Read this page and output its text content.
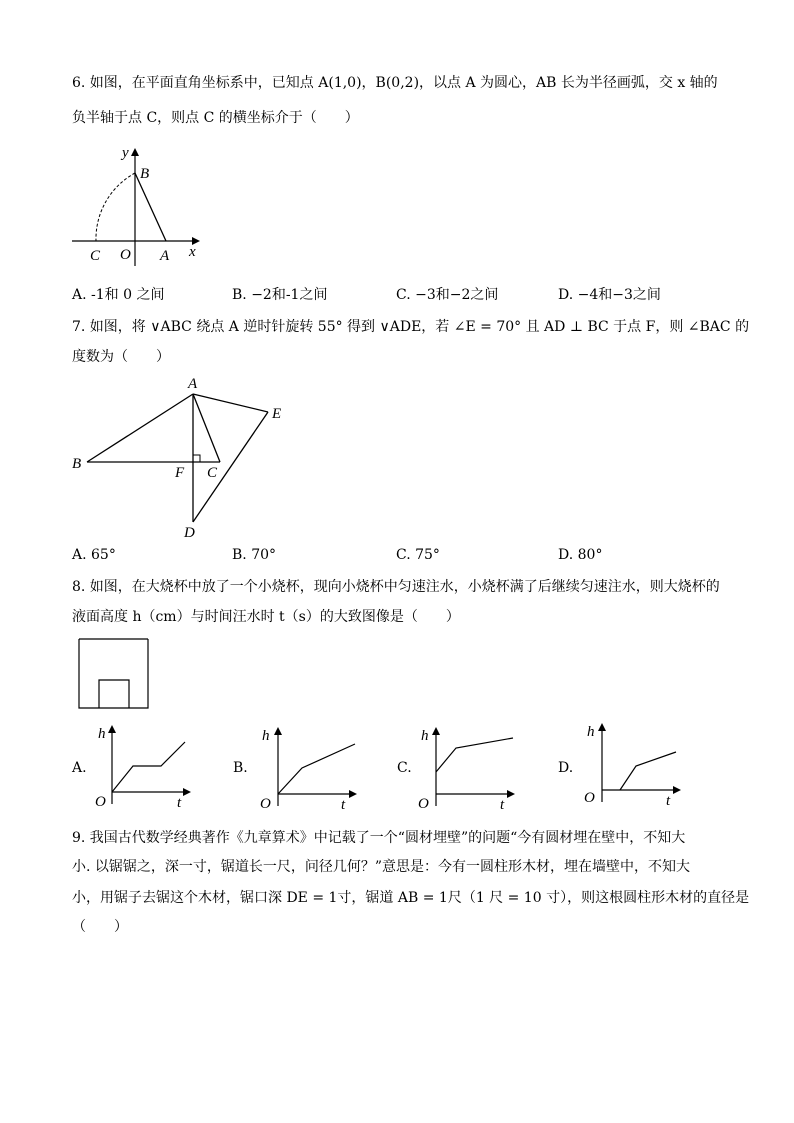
6. 如图，在平面直角坐标系中，已知点 A(1,0)，B(0,2)，以点 A 为圆心，AB 长为半径画弧，交 x 轴的
负半轴于点 C，则点 C 的横坐标介于（　　）
y
B
x
C O A
A. -1和 0 之间	B. −2和-1之间	C. −3和−2之间	D. −4和−3之间
7. 如图，将 ∨ABC 绕点 A 逆时针旋转 55° 得到 ∨ADE，若 ∠E = 70° 且 AD ⊥ BC 于点 F，则 ∠BAC 的
度数为（　　）
A
E
B
F C
D
A. 65°	B. 70°	C. 75°	D. 80°
8. 如图，在大烧杯中放了一个小烧杯，现向小烧杯中匀速注水，小烧杯满了后继续匀速注水，则大烧杯的
液面高度 h（cm）与时间汪水时 t（s）的大致图像是（　　）
A.
h
O	t
B.
h
O	t
C.
h
O	t
D.
h
O	t
9. 我国古代数学经典著作《九章算术》中记载了一个“圆材埋壁”的问题“今有圆材埋在壁中，不知大
小. 以锯锯之，深一寸，锯道长一尺，问径几何？”意思是：今有一圆柱形木材，埋在墙壁中，不知大
小，用锯子去锯这个木材，锯口深 DE = 1寸，锯道 AB = 1尺（1 尺 = 10 寸），则这根圆柱形木材的直径是
（　　）
